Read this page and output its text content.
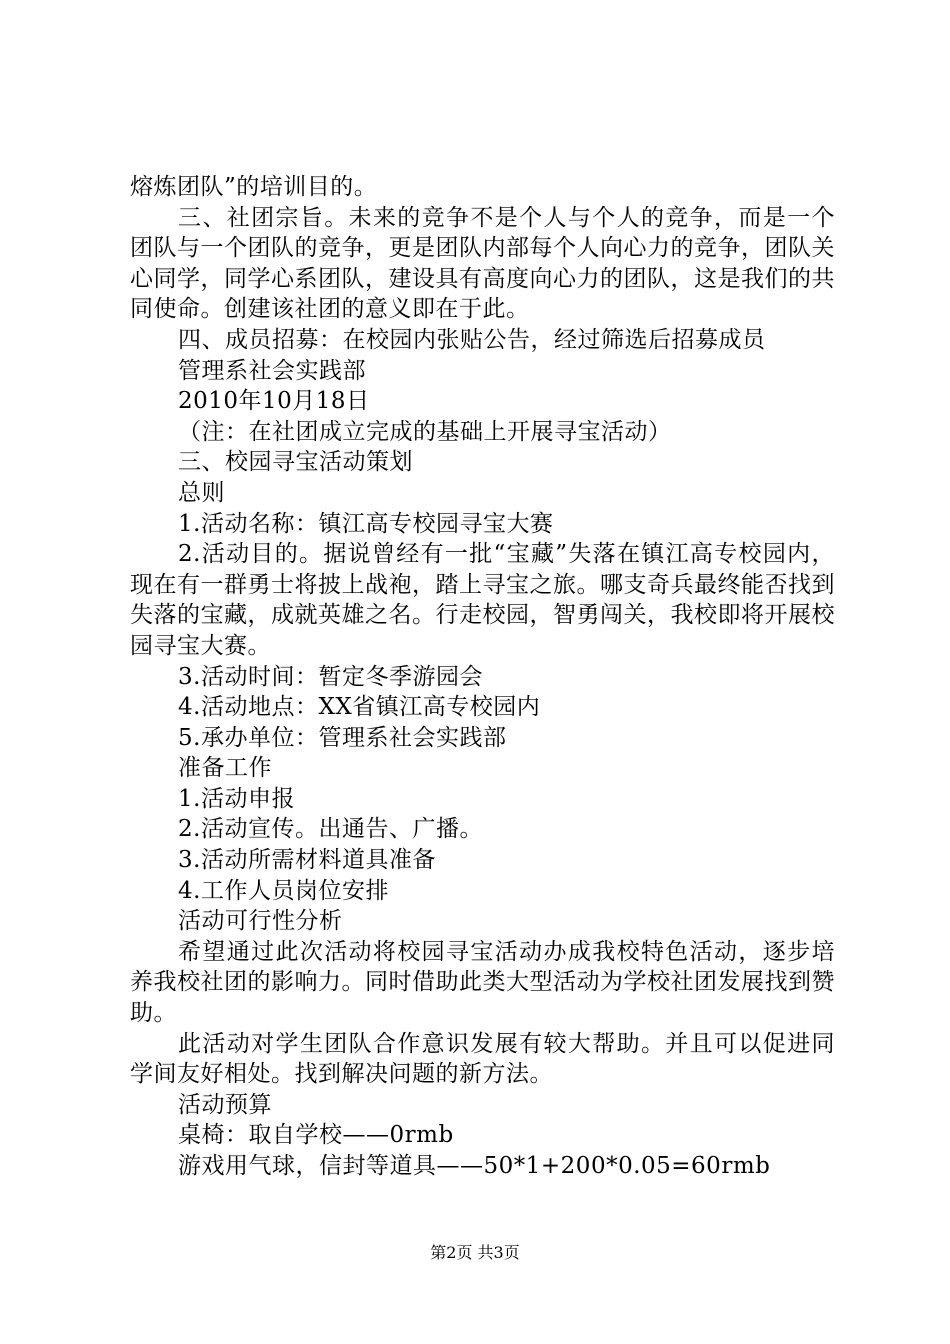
熔炼团队”的培训目的。

三、社团宗旨。未来的竞争不是个人与个人的竞争，而是一个团队与一个团队的竞争，更是团队内部每个人向心力的竞争，团队关心同学，同学心系团队，建设具有高度向心力的团队，这是我们的共同使命。创建该社团的意义即在于此。

四、成员招募：在校园内张贴公告，经过筛选后招募成员

管理系社会实践部

2010年10月18日

（注：在社团成立完成的基础上开展寻宝活动）

三、校园寻宝活动策划

总则

1.活动名称：镇江高专校园寻宝大赛

2.活动目的。据说曾经有一批“宝藏”失落在镇江高专校园内，现在有一群勇士将披上战袍，踏上寻宝之旅。哪支奇兵最终能否找到失落的宝藏，成就英雄之名。行走校园，智勇闯关，我校即将开展校园寻宝大赛。

3.活动时间：暂定冬季游园会

4.活动地点：XX省镇江高专校园内

5.承办单位：管理系社会实践部

准备工作

1.活动申报

2.活动宣传。出通告、广播。

3.活动所需材料道具准备

4.工作人员岗位安排

活动可行性分析

希望通过此次活动将校园寻宝活动办成我校特色活动，逐步培养我校社团的影响力。同时借助此类大型活动为学校社团发展找到赞助。

此活动对学生团队合作意识发展有较大帮助。并且可以促进同学间友好相处。找到解决问题的新方法。

活动预算

桌椅：取自学校——0rmb

游戏用气球，信封等道具——50*1+200*0.05=60rmb

第2页 共3页
